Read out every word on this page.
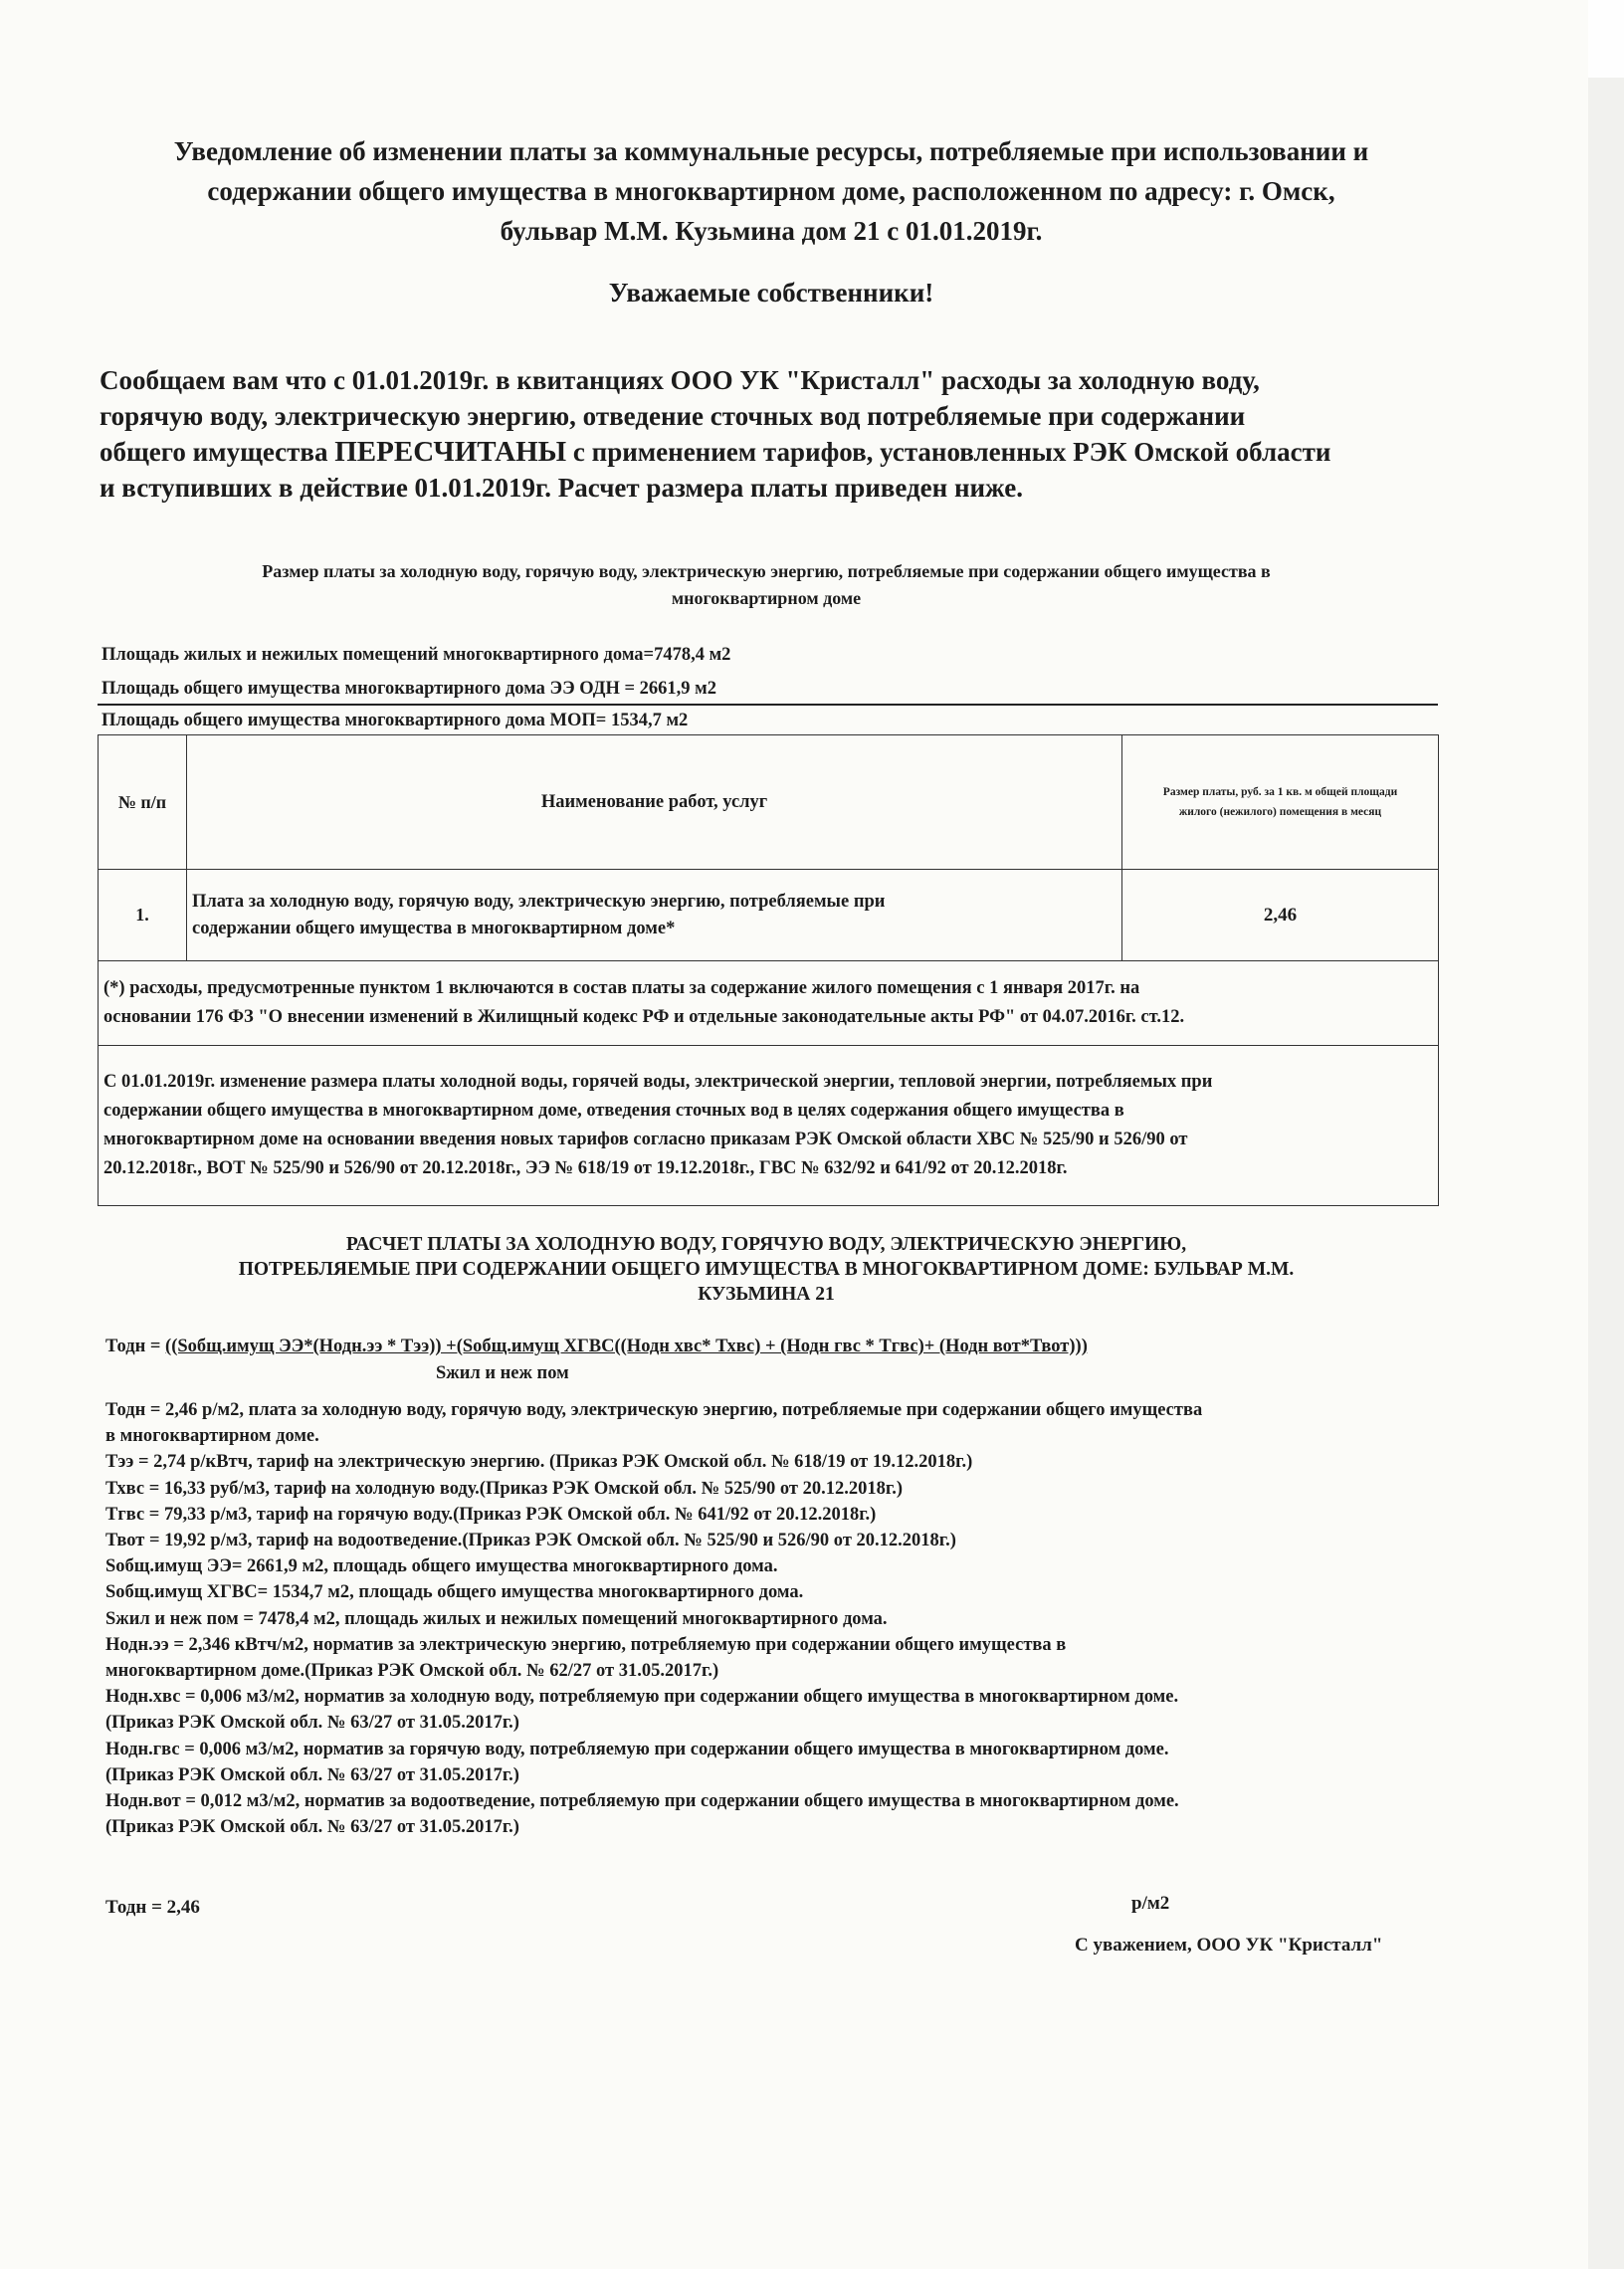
Уведомление об изменении платы за коммунальные ресурсы, потребляемые при использовании и
содержании общего имущества в многоквартирном доме, расположенном по адресу: г. Омск,
бульвар М.М. Кузьмина дом 21 с 01.01.2019г.
Уважаемые собственники!
Сообщаем вам что с 01.01.2019г. в квитанциях ООО УК "Кристалл" расходы за холодную воду,
горячую воду, электрическую энергию, отведение сточных вод потребляемые при содержании
общего имущества ПЕРЕСЧИТАНЫ с применением тарифов, установленных РЭК Омской области
и вступивших в действие 01.01.2019г. Расчет размера платы приведен ниже.
Размер платы за холодную воду, горячую воду, электрическую энергию, потребляемые при содержании общего имущества в
многоквартирном доме
Площадь жилых и нежилых помещений многоквартирного дома=7478,4 м2
Площадь общего имущества многоквартирного дома ЭЭ ОДН = 2661,9 м2
Площадь общего имущества многоквартирного дома МОП= 1534,7 м2
№ п/п	Наименование работ, услуг	Размер платы, руб. за 1 кв. м общей площади
жилого (нежилого) помещения в месяц

1.	Плата за холодную воду, горячую воду, электрическую энергию, потребляемые при
содержании общего имущества в многоквартирном доме*	2,46

(*) расходы, предусмотренные пунктом 1 включаются в состав платы за содержание жилого помещения с 1 января 2017г. на
основании 176 ФЗ "О внесении изменений в Жилищный кодекс РФ и отдельные законодательные акты РФ" от 04.07.2016г. ст.12.		

С 01.01.2019г. изменение размера платы холодной воды, горячей воды, электрической энергии, тепловой энергии, потребляемых при
содержании общего имущества в многоквартирном доме, отведения сточных вод в целях содержания общего имущества в
многоквартирном доме на основании введения новых тарифов согласно приказам РЭК Омской области ХВС № 525/90 и 526/90 от
20.12.2018г., ВОТ № 525/90 и 526/90 от 20.12.2018г., ЭЭ № 618/19 от 19.12.2018г., ГВС № 632/92 и 641/92 от 20.12.2018г.		
РАСЧЕТ ПЛАТЫ ЗА ХОЛОДНУЮ ВОДУ, ГОРЯЧУЮ ВОДУ, ЭЛЕКТРИЧЕСКУЮ ЭНЕРГИЮ,
ПОТРЕБЛЯЕМЫЕ ПРИ СОДЕРЖАНИИ ОБЩЕГО ИМУЩЕСТВА В МНОГОКВАРТИРНОМ ДОМЕ: БУЛЬВАР М.М.
КУЗЬМИНА 21
Тодн = ((Sобщ.имущ ЭЭ*(Нодн.ээ * Тээ)) +(Sобщ.имущ ХГВС((Нодн хвс* Тхвс) + (Нодн гвс * Тгвс)+ (Нодн вот*Твот)))
Sжил и неж пом

Тодн = 2,46 р/м2, плата за холодную воду, горячую воду, электрическую энергию, потребляемые при содержании общего имущества

в многоквартирном доме.

Тээ = 2,74 р/кВтч, тариф на электрическую энергию. (Приказ РЭК Омской обл. № 618/19 от 19.12.2018г.)

Тхвс = 16,33 руб/м3, тариф на холодную воду.(Приказ РЭК Омской обл. № 525/90 от 20.12.2018г.)

Тгвс = 79,33 р/м3, тариф на горячую воду.(Приказ РЭК Омской обл. № 641/92 от 20.12.2018г.)

Твот = 19,92 р/м3, тариф на водоотведение.(Приказ РЭК Омской обл. № 525/90 и 526/90 от 20.12.2018г.)

Sобщ.имущ ЭЭ= 2661,9 м2, площадь общего имущества многоквартирного дома.

Sобщ.имущ ХГВС= 1534,7 м2, площадь общего имущества многоквартирного дома.

Sжил и неж пом = 7478,4 м2, площадь жилых и нежилых помещений многоквартирного дома.

Нодн.ээ = 2,346 кВтч/м2, норматив за электрическую энергию, потребляемую при содержании общего имущества в

многоквартирном доме.(Приказ РЭК Омской обл. № 62/27 от 31.05.2017г.)

Нодн.хвс = 0,006 м3/м2, норматив за холодную воду, потребляемую при содержании общего имущества в многоквартирном доме.

(Приказ РЭК Омской обл. № 63/27 от 31.05.2017г.)

Нодн.гвс = 0,006 м3/м2, норматив за горячую воду, потребляемую при содержании общего имущества в многоквартирном доме.

(Приказ РЭК Омской обл. № 63/27 от 31.05.2017г.)

Нодн.вот = 0,012 м3/м2, норматив за водоотведение, потребляемую при содержании общего имущества в многоквартирном доме.

(Приказ РЭК Омской обл. № 63/27 от 31.05.2017г.)

Тодн = 2,46	р/м2
С уважением, ООО УК "Кристалл"
